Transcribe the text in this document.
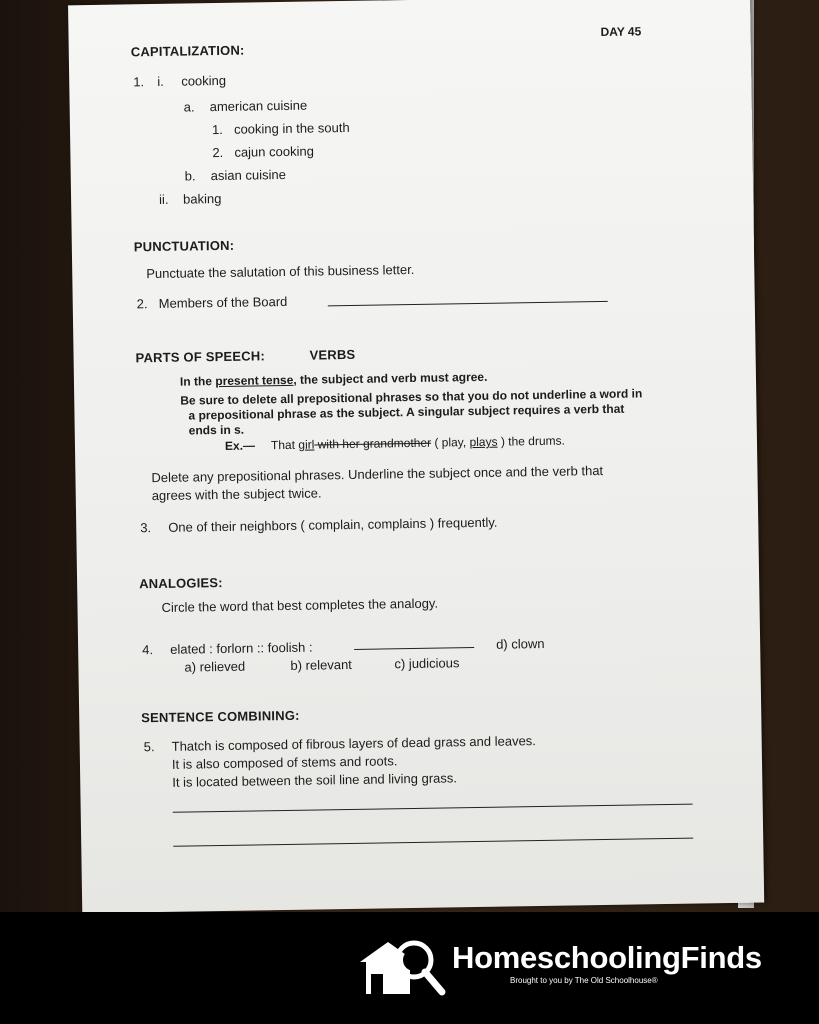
DAY 45
CAPITALIZATION:
1. i. cooking
a. american cuisine
1. cooking in the south
2. cajun cooking
b. asian cuisine
ii. baking
PUNCTUATION:
Punctuate the salutation of this business letter.
2. Members of the Board
PARTS OF SPEECH:	VERBS
In the present tense, the subject and verb must agree.
Be sure to delete all prepositional phrases so that you do not underline a word in
a prepositional phrase as the subject. A singular subject requires a verb that
ends in s.
Ex.— That girl with her grandmother ( play, plays ) the drums.
Delete any prepositional phrases. Underline the subject once and the verb that
agrees with the subject twice.
3. One of their neighbors ( complain, complains ) frequently.
ANALOGIES:
Circle the word that best completes the analogy.
4. elated : forlorn :: foolish :	d) clown
a) relieved	b) relevant	c) judicious
SENTENCE COMBINING:
5. Thatch is composed of fibrous layers of dead grass and leaves.
It is also composed of stems and roots.
It is located between the soil line and living grass.
HomeschoolingFinds
Brought to you by The Old Schoolhouse®
